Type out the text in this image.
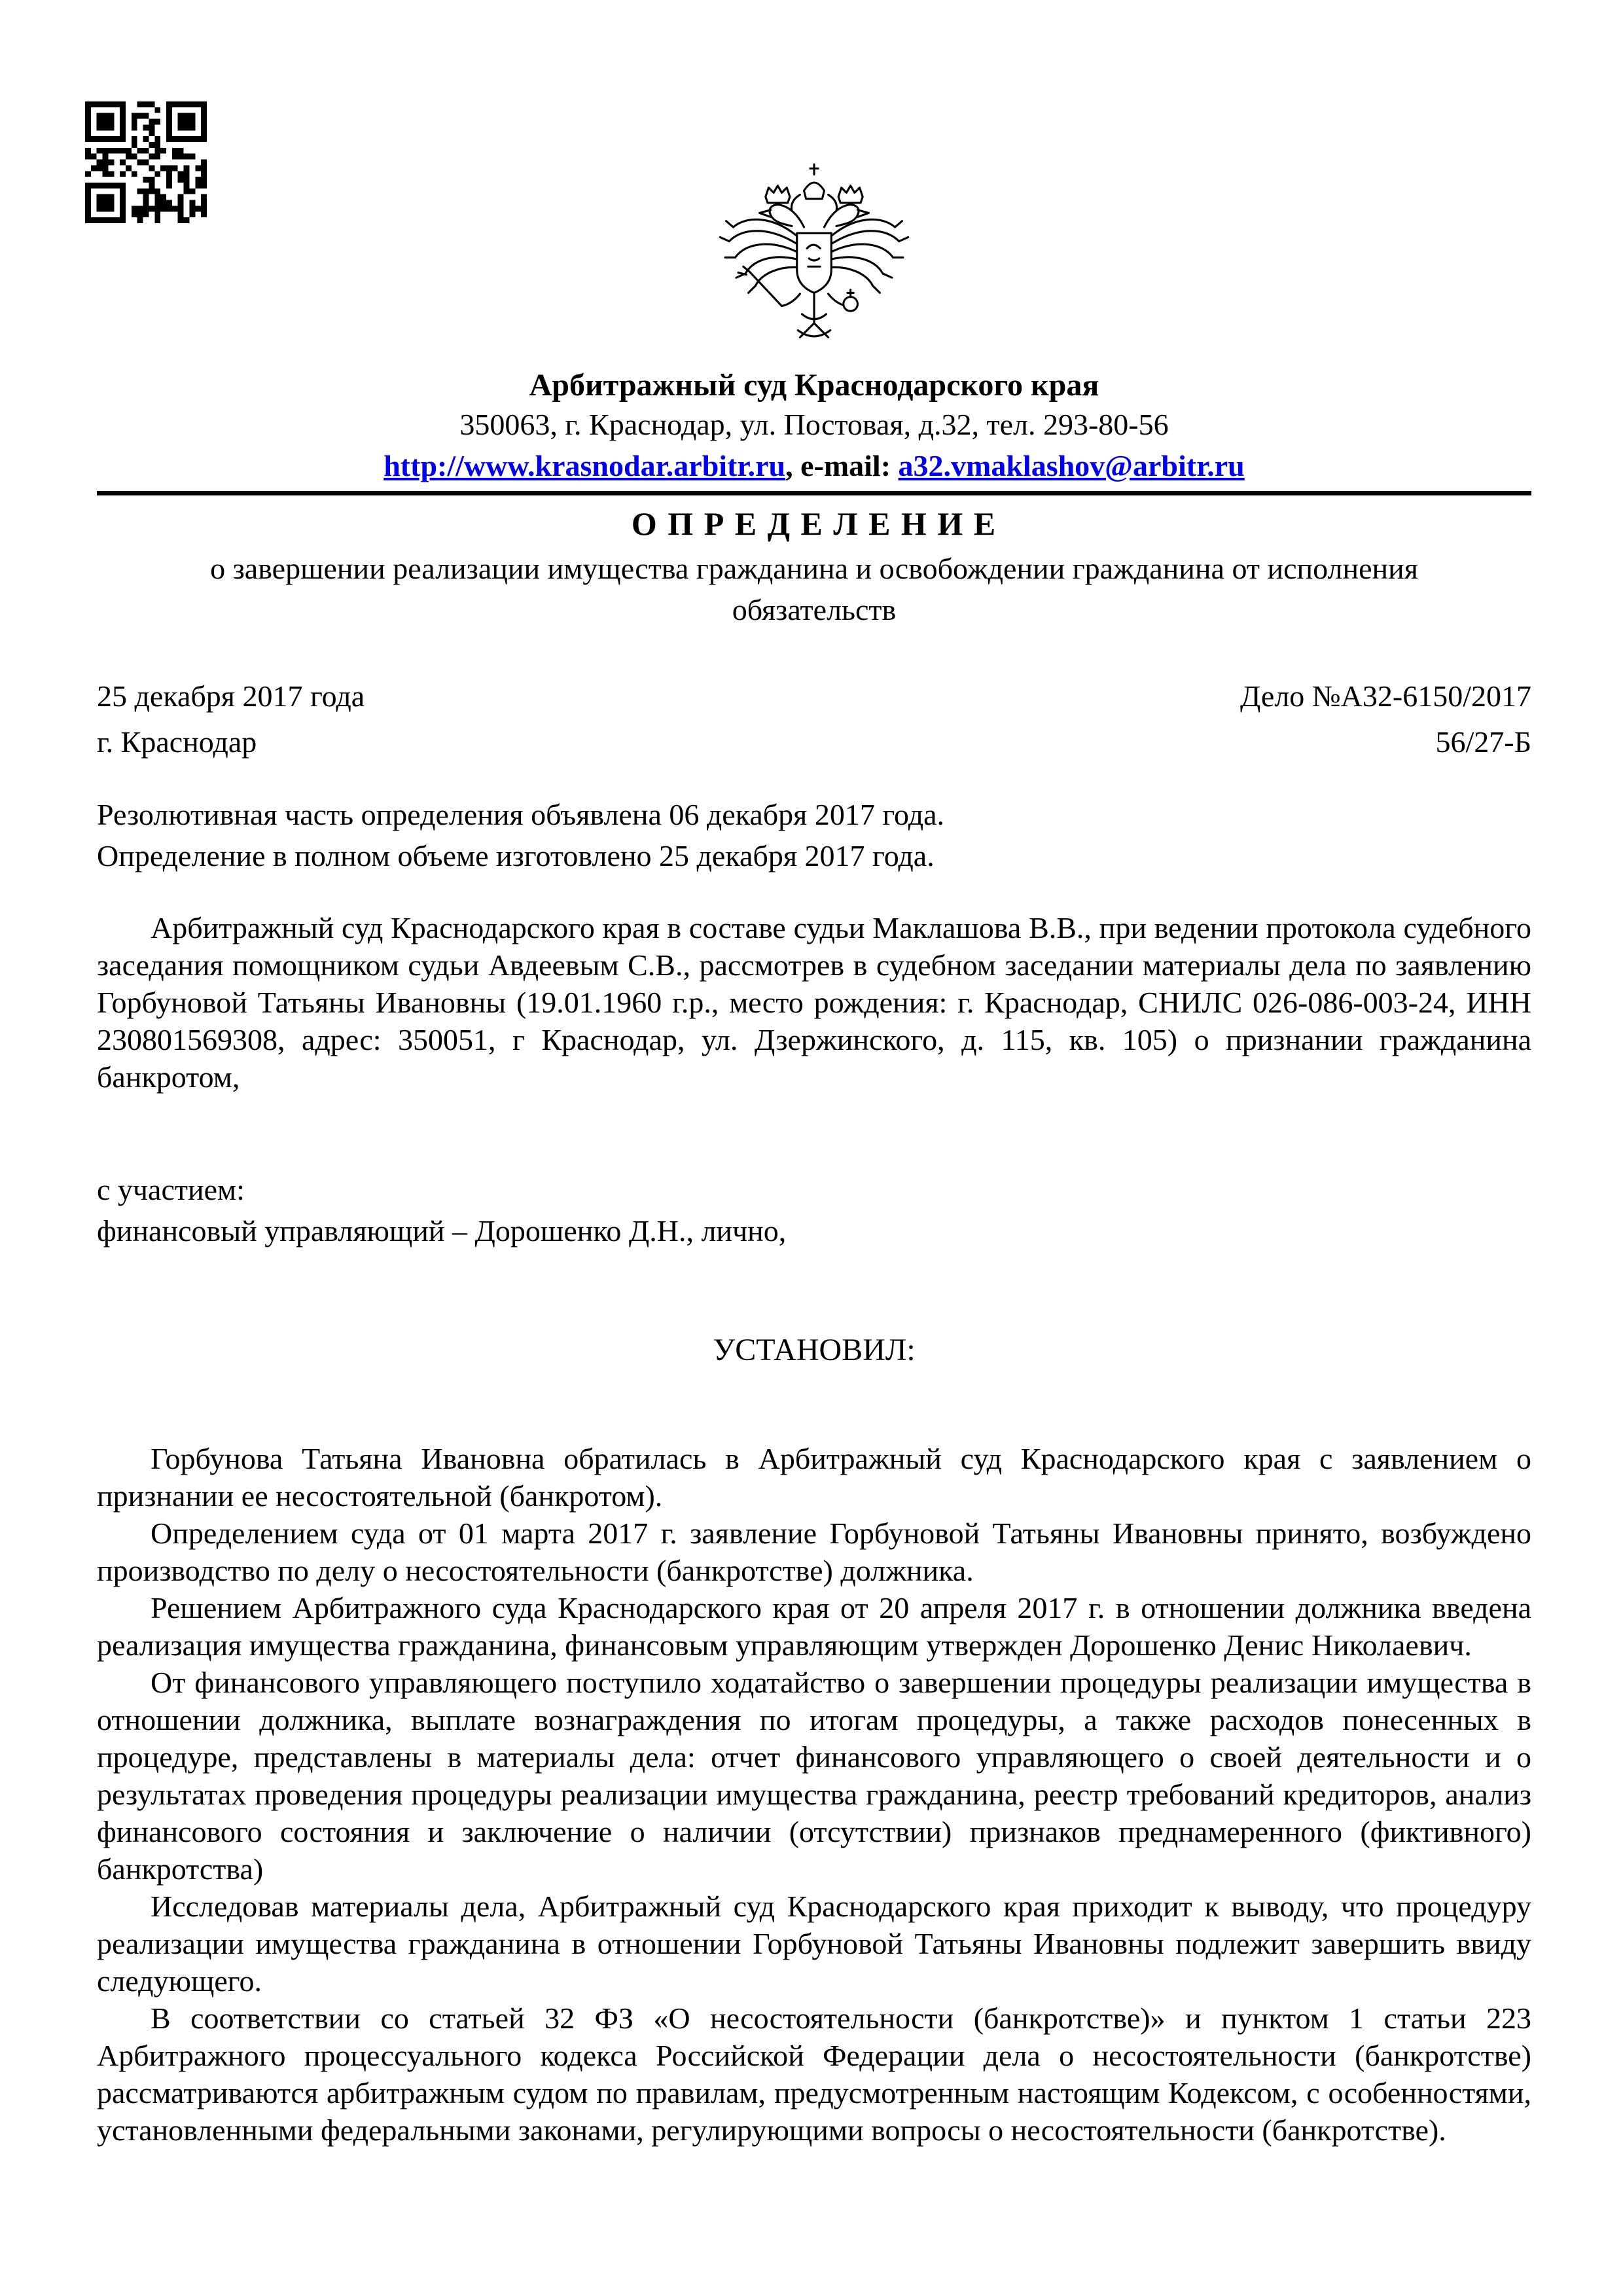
Арбитражный суд Краснодарского края
350063, г. Краснодар, ул. Постовая, д.32, тел. 293-80-56
http://www.krasnodar.arbitr.ru, e-mail: a32.vmaklashov@arbitr.ru
О П Р Е Д Е Л Е Н И Е
о завершении реализации имущества гражданина и освобождении гражданина от исполнения обязательств
25 декабря 2017 года	Дело №А32-6150/2017
г. Краснодар	56/27-Б
Резолютивная часть определения объявлена 06 декабря 2017 года.
Определение в полном объеме изготовлено 25 декабря 2017 года.

Арбитражный суд Краснодарского края в составе судьи Маклашова В.В., при ведении протокола судебного заседания помощником судьи Авдеевым С.В., рассмотрев в судебном заседании материалы дела по заявлению Горбуновой Татьяны Ивановны (19.01.1960 г.р., место рождения: г. Краснодар, СНИЛС 026-086-003-24, ИНН 230801569308, адрес: 350051, г Краснодар, ул. Дзержинского, д. 115, кв. 105) о признании гражданина банкротом,

с участием:
финансовый управляющий – Дорошенко Д.Н., лично,
УСТАНОВИЛ:

Горбунова Татьяна Ивановна обратилась в Арбитражный суд Краснодарского края с заявлением о признании ее несостоятельной (банкротом).

Определением суда от 01 марта 2017 г. заявление Горбуновой Татьяны Ивановны принято, возбуждено производство по делу о несостоятельности (банкротстве) должника.

Решением Арбитражного суда Краснодарского края от 20 апреля 2017 г. в отношении должника введена реализация имущества гражданина, финансовым управляющим утвержден Дорошенко Денис Николаевич.

От финансового управляющего поступило ходатайство о завершении процедуры реализации имущества в отношении должника, выплате вознаграждения по итогам процедуры, а также расходов понесенных в процедуре, представлены в материалы дела: отчет финансового управляющего о своей деятельности и о результатах проведения процедуры реализации имущества гражданина, реестр требований кредиторов, анализ финансового состояния и заключение о наличии (отсутствии) признаков преднамеренного (фиктивного) банкротства)

Исследовав материалы дела, Арбитражный суд Краснодарского края приходит к выводу, что процедуру реализации имущества гражданина в отношении Горбуновой Татьяны Ивановны подлежит завершить ввиду следующего.

В соответствии со статьей 32 ФЗ «О несостоятельности (банкротстве)» и пунктом 1 статьи 223 Арбитражного процессуального кодекса Российской Федерации дела о несостоятельности (банкротстве) рассматриваются арбитражным судом по правилам, предусмотренным настоящим Кодексом, с особенностями, установленными федеральными законами, регулирующими вопросы о несостоятельности (банкротстве).
